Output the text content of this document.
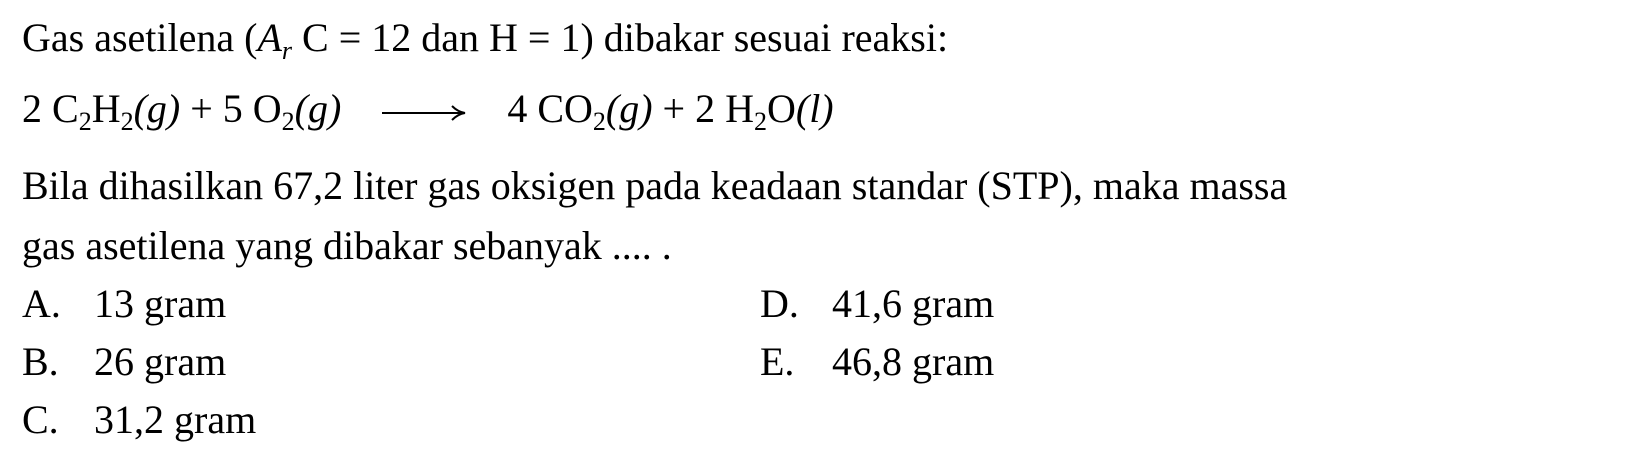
Gas asetilena ($A_r$ C = 12 dan H = 1) dibakar sesuai reaksi:
2 $C_2H_2(g) + 5$ $O_2(g) \to 4$ $CO_2(g) + 2$ $H_2O(l)$
Bila dihasilkan 67,2 liter gas oksigen pada keadaan standar (STP), maka massa
gas asetilena yang dibakar sebanyak .... .
A. 13 gram
B. 26 gram
C. 31,2 gram
D. 41,6 gram
E. 46,8 gram
